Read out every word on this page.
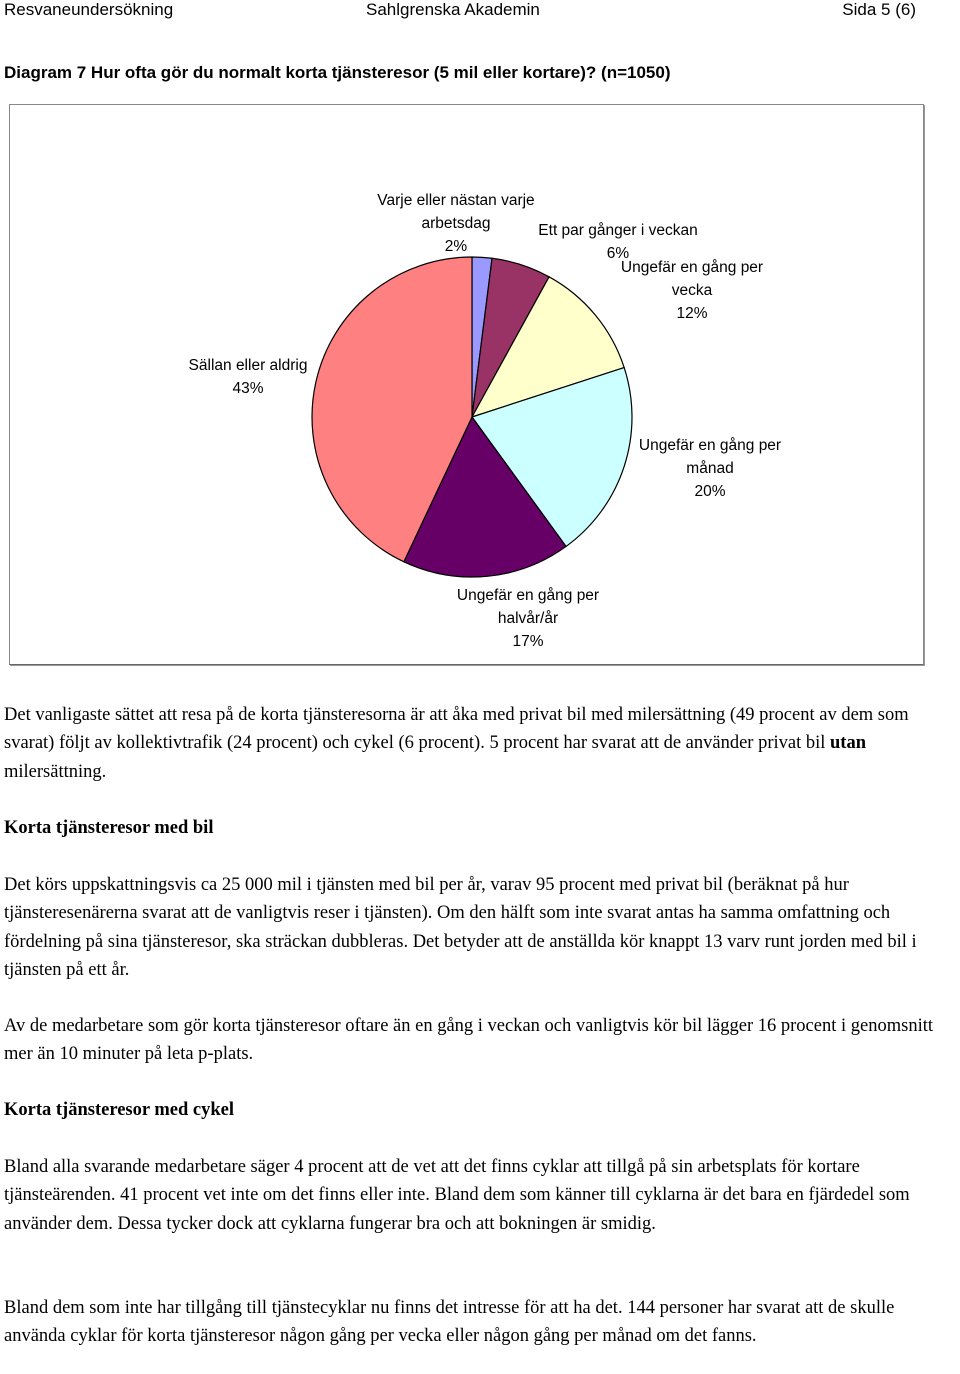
Resvaneundersökning	Sahlgrenska Akademin	Sida 5 (6)
Diagram 7 Hur ofta gör du normalt korta tjänsteresor (5 mil eller kortare)? (n=1050)
Varje eller nästan varje
arbetsdag
2%
Ett par gånger i veckan
6%
Ungefär en gång per
vecka
12%
Ungefär en gång per
månad
20%
Ungefär en gång per
halvår/år
17%
Sällan eller aldrig
43%

Det vanligaste sättet att resa på de korta tjänsteresorna är att åka med privat bil med milersättning (49 procent av dem som svarat) följt av kollektivtrafik (24 procent) och cykel (6 procent). 5 procent har svarat att de använder privat bil utan milersättning.

Korta tjänsteresor med bil

Det körs uppskattningsvis ca 25 000 mil i tjänsten med bil per år, varav 95 procent med privat bil (beräknat på hur tjänsteresenärerna svarat att de vanligtvis reser i tjänsten). Om den hälft som inte svarat antas ha samma omfattning och fördelning på sina tjänsteresor, ska sträckan dubbleras. Det betyder att de anställda kör knappt 13 varv runt jorden med bil i tjänsten på ett år.

Av de medarbetare som gör korta tjänsteresor oftare än en gång i veckan och vanligtvis kör bil lägger 16 procent i genomsnitt mer än 10 minuter på leta p-plats.

Korta tjänsteresor med cykel

Bland alla svarande medarbetare säger 4 procent att de vet att det finns cyklar att tillgå på sin arbetsplats för kortare tjänsteärenden. 41 procent vet inte om det finns eller inte. Bland dem som känner till cyklarna är det bara en fjärdedel som använder dem. Dessa tycker dock att cyklarna fungerar bra och att bokningen är smidig.

Bland dem som inte har tillgång till tjänstecyklar nu finns det intresse för att ha det. 144 personer har svarat att de skulle använda cyklar för korta tjänsteresor någon gång per vecka eller någon gång per månad om det fanns.
